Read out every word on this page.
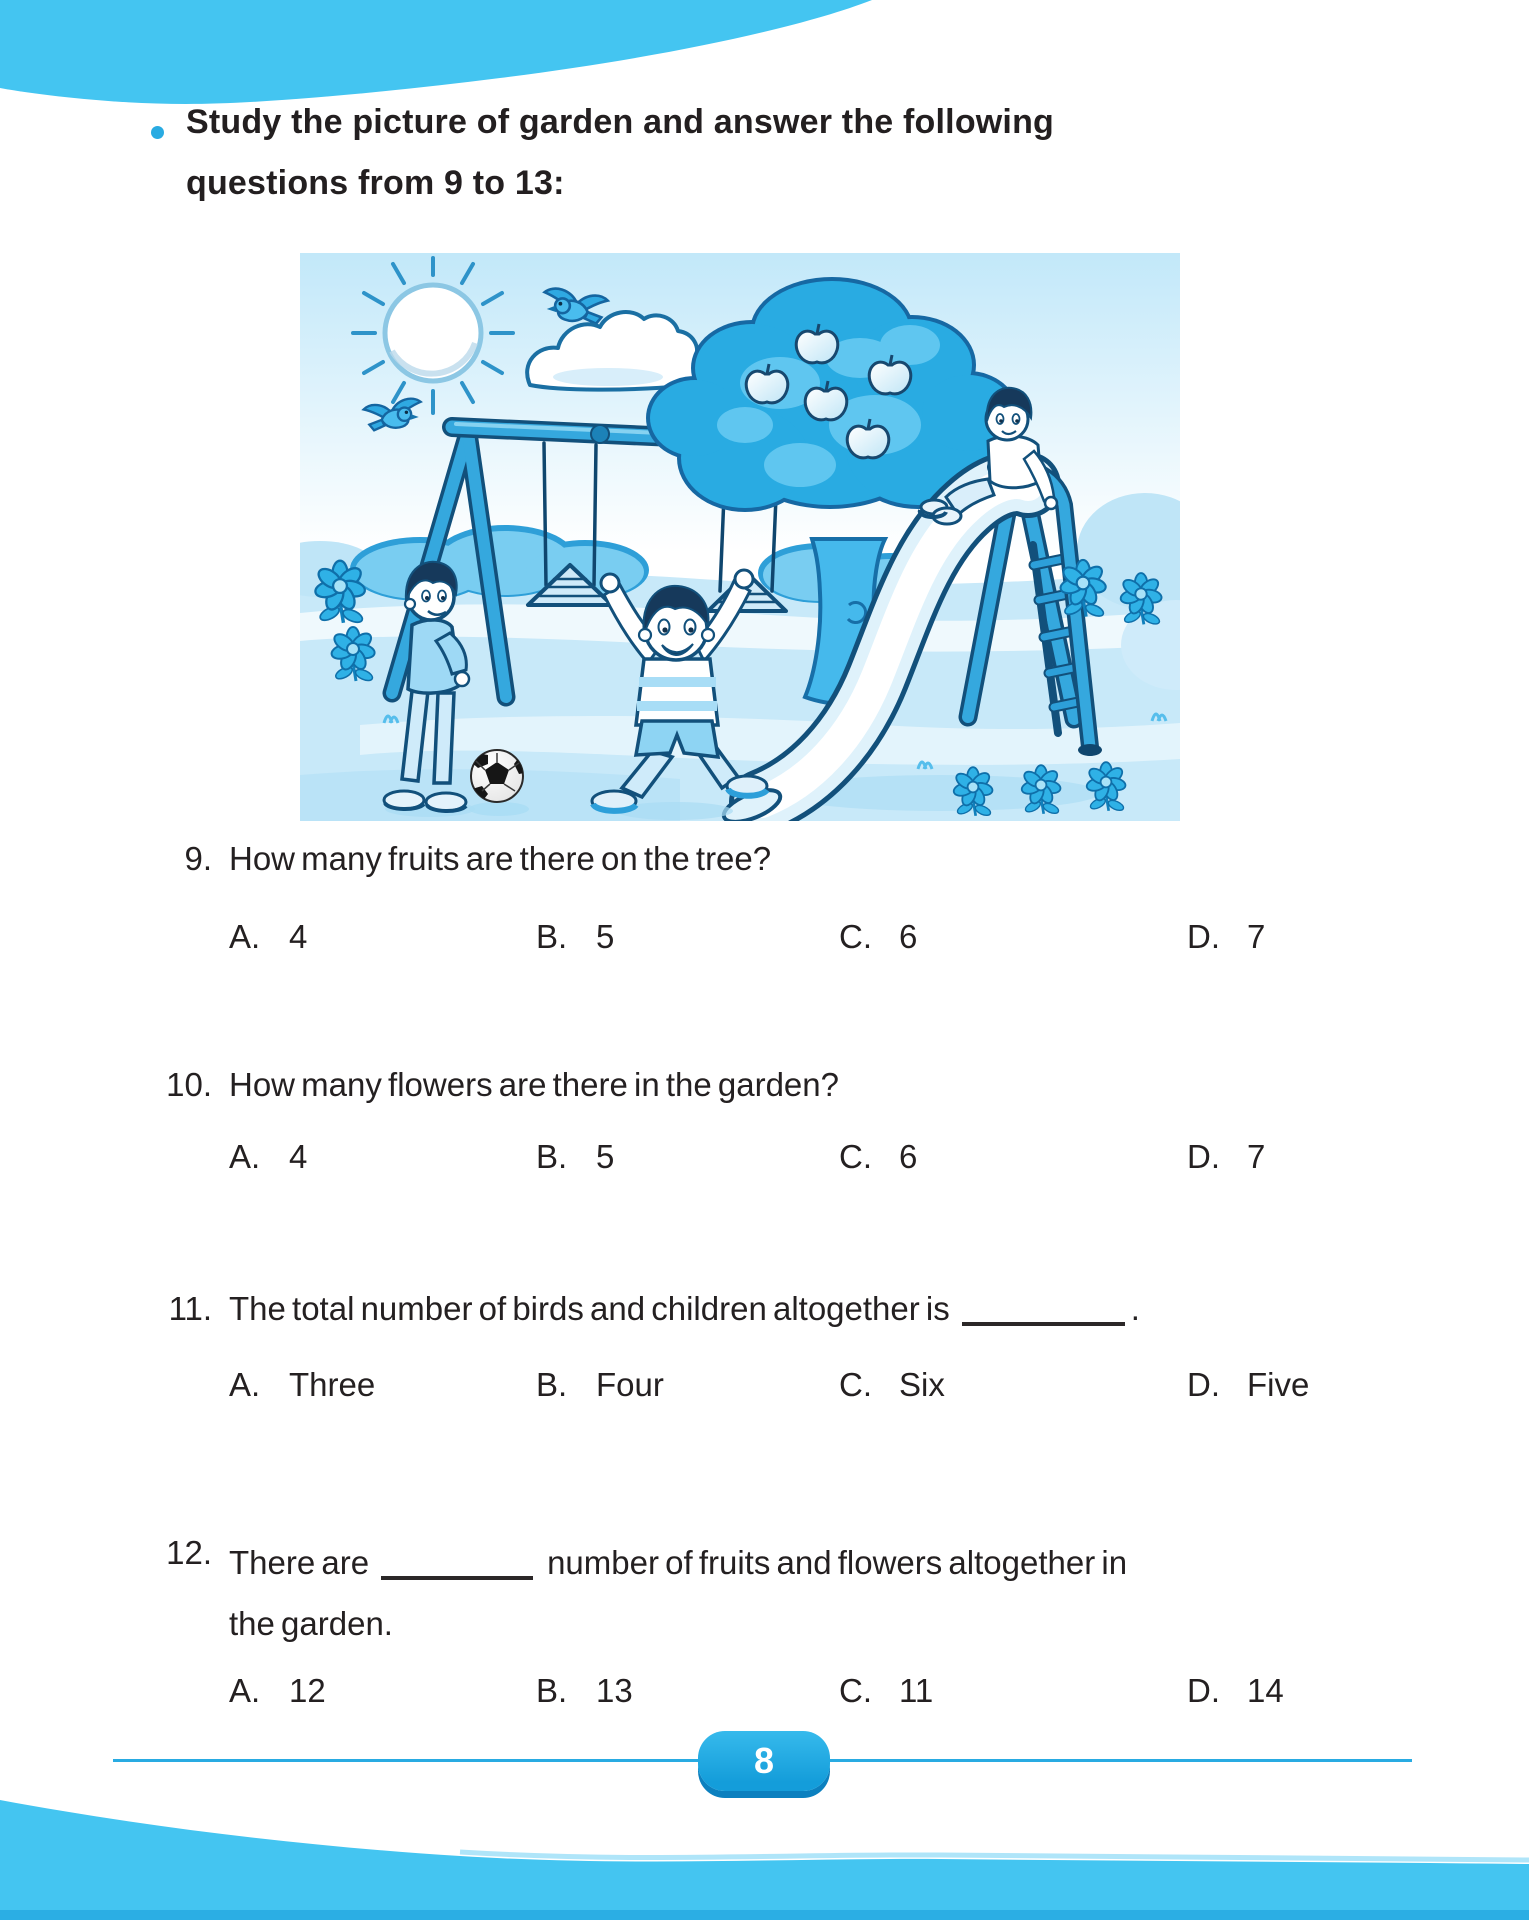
Study the picture of garden and answer the following
questions from 9 to 13:
9. How many fruits are there on the tree?
A. 4	B. 5	C. 6	D. 7
10. How many flowers are there in the garden?
A. 4	B. 5	C. 6	D. 7
11. The total number of birds and children altogether is	.
A. Three	B. Four	C. Six	D. Five
12. There are	number of fruits and flowers altogether in
the garden.
A. 12	B. 13	C. 11	D. 14
8
